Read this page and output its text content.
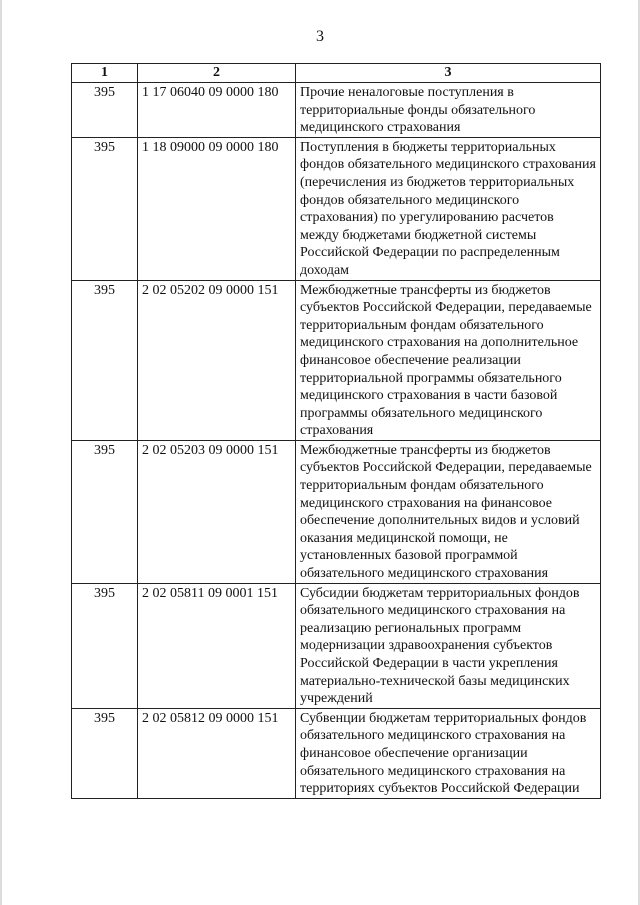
3
1	2	3
395	1 17 06040 09 0000 180	Прочие неналоговые поступления в территориальные фонды обязательного медицинского страхования
395	1 18 09000 09 0000 180	Поступления в бюджеты территориальных фондов обязательного медицинского страхования (перечисления из бюджетов территориальных фондов обязательного медицинского страхования) по урегулированию расчетов между бюджетами бюджетной системы Российской Федерации по распределенным доходам
395	2 02 05202 09 0000 151	Межбюджетные трансферты из бюджетов субъектов Российской Федерации, передаваемые территориальным фондам обязательного медицинского страхования на дополнительное финансовое обеспечение реализации территориальной программы обязательного медицинского страхования в части базовой программы обязательного медицинского страхования
395	2 02 05203 09 0000 151	Межбюджетные трансферты из бюджетов субъектов Российской Федерации, передаваемые территориальным фондам обязательного медицинского страхования на финансовое обеспечение дополнительных видов и условий оказания медицинской помощи, не установленных базовой программой обязательного медицинского страхования
395	2 02 05811 09 0001 151	Субсидии бюджетам территориальных фондов обязательного медицинского страхования на реализацию региональных программ модернизации здравоохранения субъектов Российской Федерации в части укрепления материально-технической базы медицинских учреждений
395	2 02 05812 09 0000 151	Субвенции бюджетам территориальных фондов обязательного медицинского страхования на финансовое обеспечение организации обязательного медицинского страхования на территориях субъектов Российской Федерации
